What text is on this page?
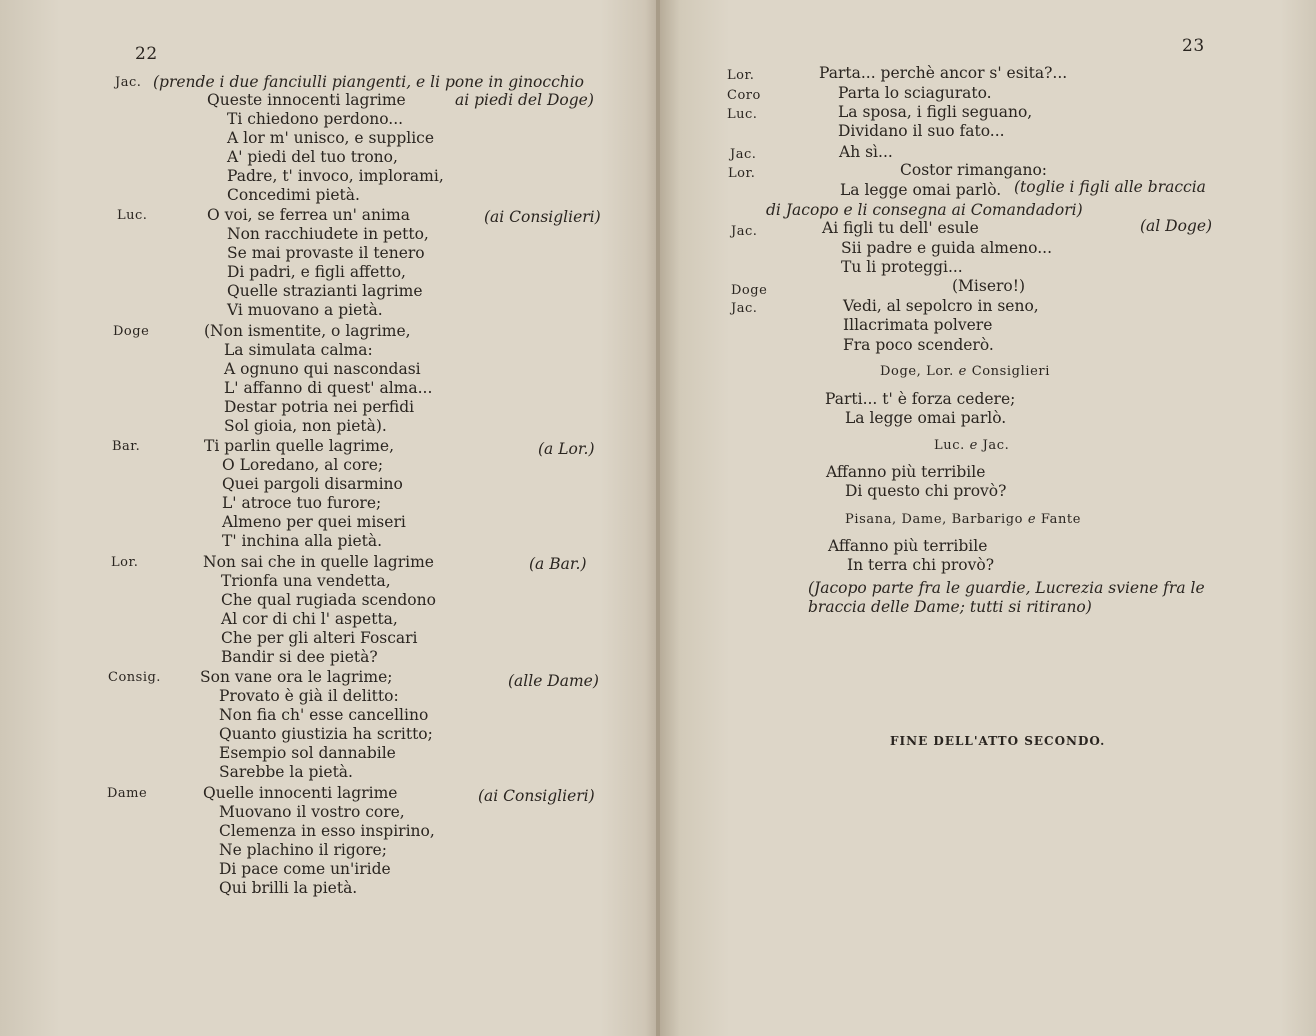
22
Jac. (prende i due fanciulli piangenti, e li pone in ginocchio
Queste innocenti lagrime
Ti chiedono perdono...
A lor m' unisco, e supplice
A' piedi del tuo trono,
Padre, t' invoco, implorami,
Concedimi pietà.
O voi, se ferrea un' anima
Non racchiudete in petto,
Se mai provaste il tenero
Di padri, e figli affetto,
Quelle strazianti lagrime
Vi muovano a pietà.
(Non ismentite, o lagrime,
La simulata calma:
A ognuno qui nascondasi
L' affanno di quest' alma...
Destar potria nei perfidi
Sol gioia, non pietà).
Ti parlin quelle lagrime,
O Loredano, al core;
Quei pargoli disarmino
L' atroce tuo furore;
Almeno per quei miseri
T' inchina alla pietà.
Non sai che in quelle lagrime
Trionfa una vendetta,
Che qual rugiada scendono
Al cor di chi l' aspetta,
Che per gli alteri Foscari
Bandir si dee pietà?
Son vane ora le lagrime;
Provato è già il delitto:
Non fia ch' esse cancellino
Quanto giustizia ha scritto;
Esempio sol dannabile
Sarebbe la pietà.
Quelle innocenti lagrime
Muovano il vostro core,
Clemenza in esso inspirino,
Ne plachino il rigore;
Di pace come un'iride
Qui brilli la pietà.
Luc.
Doge
Bar.
Lor.
Consig.
Dame
ai piedi del Doge)
(ai Consiglieri)
(a Lor.)
(a Bar.)
(alle Dame)
(ai Consiglieri)
23
Parta... perchè ancor s' esita?...
Parta lo sciagurato.
La sposa, i figli seguano,
Dividano il suo fato...
Ah sì...
Costor rimangano:
Ai figli tu dell' esule
Sii padre e guida almeno...
Tu li proteggi...
(Misero!)
Vedi, al sepolcro in seno,
Illacrimata polvere
Fra poco scenderò.
Parti... t' è forza cedere;
La legge omai parlò.
Affanno più terribile
Di questo chi provò?
Affanno più terribile
In terra chi provò?
Lor.
Coro
Luc.
Jac.
Lor.
Jac.
Doge
Jac.
La legge omai parlò. (toglie i figli alle braccia
di Jacopo e li consegna ai Comandadori)
(al Doge)
Doge, Lor. e Consiglieri
Luc. e Jac.
Pisana, Dame, Barbarigo e Fante
(Jacopo parte fra le guardie, Lucrezia sviene fra le
braccia delle Dame; tutti si ritirano)
FINE DELL'ATTO SECONDO.
